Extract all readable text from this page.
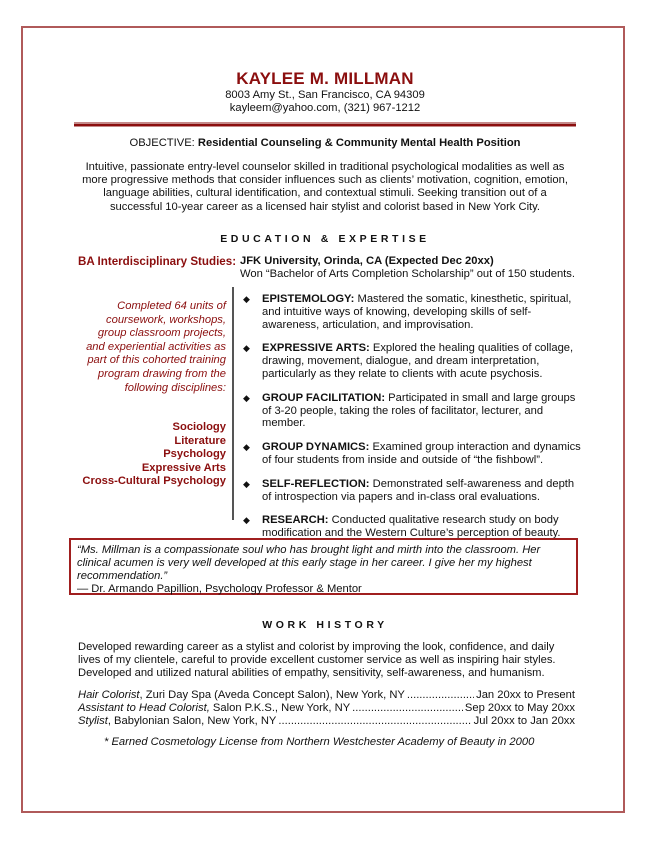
KAYLEE M. MILLMAN
8003 Amy St., San Francisco, CA 94309
kayleem@yahoo.com, (321) 967-1212
OBJECTIVE: Residential Counseling & Community Mental Health Position
Intuitive, passionate entry-level counselor skilled in traditional psychological modalities as well as more progressive methods that consider influences such as clients’ motivation, cognition, emotion, language abilities, cultural identification, and contextual stimuli. Seeking transition out of a successful 10-year career as a licensed hair stylist and colorist based in New York City.
EDUCATION & EXPERTISE
BA Interdisciplinary Studies: JFK University, Orinda, CA (Expected Dec 20xx)
Won “Bachelor of Arts Completion Scholarship” out of 150 students.
Completed 64 units of coursework, workshops, group classroom projects, and experiential activities as part of this cohorted training program drawing from the following disciplines:
Sociology
Literature
Psychology
Expressive Arts
Cross-Cultural Psychology
◆ EPISTEMOLOGY: Mastered the somatic, kinesthetic, spiritual, and intuitive ways of knowing, developing skills of self-awareness, articulation, and improvisation.
◆ EXPRESSIVE ARTS: Explored the healing qualities of collage, drawing, movement, dialogue, and dream interpretation, particularly as they relate to clients with acute psychosis.
◆ GROUP FACILITATION: Participated in small and large groups of 3-20 people, taking the roles of facilitator, lecturer, and member.
◆ GROUP DYNAMICS: Examined group interaction and dynamics of four students from inside and outside of “the fishbowl”.
◆ SELF-REFLECTION: Demonstrated self-awareness and depth of introspection via papers and in-class oral evaluations.
◆ RESEARCH: Conducted qualitative research study on body modification and the Western Culture’s perception of beauty.
“Ms. Millman is a compassionate soul who has brought light and mirth into the classroom. Her clinical acumen is very well developed at this early stage in her career. I give her my highest recommendation.”
— Dr. Armando Papillion, Psychology Professor & Mentor
WORK HISTORY
Developed rewarding career as a stylist and colorist by improving the look, confidence, and daily lives of my clientele, careful to provide excellent customer service as well as inspiring hair styles. Developed and utilized natural abilities of empathy, sensitivity, self-awareness, and humanism.
Hair Colorist, Zuri Day Spa (Aveda Concept Salon), New York, NY .....	Jan 20xx to Present
Assistant to Head Colorist, Salon P.K.S., New York, NY .....	Sep 20xx to May 20xx
Stylist, Babylonian Salon, New York, NY .....	Jul 20xx to Jan 20xx
* Earned Cosmetology License from Northern Westchester Academy of Beauty in 2000
